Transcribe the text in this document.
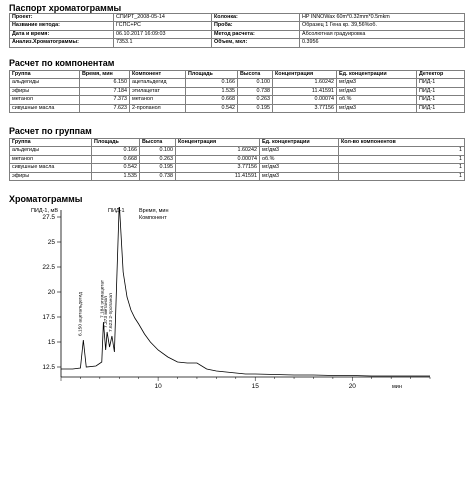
Паспорт хроматограммы
Проект:	СПИРТ_2008-05-14	Колонка:	HP INNOWax 60m*0.32mm*0.5mkm
Название метода:	ГСПС+РС	Проба:	Образец 1 Гена кр. 39,56%об.
Дата и время:	06.10.2017 16:09:03	Метод расчета:	Абсолютная градуировка
Анализ.Хроматограммы:	7353.1	Объем, мкл:	0.3956
Расчет по компонентам
Группа	Время, мин	Компонент	Площадь	Высота	Концентрация	Ед. концентрации	Детектор
альдегиды	6.150	ацетальдегид	0.166	0.100	1.60242	мг/дм3	ПИД-1
эфиры	7.184	этилацетат	1.535	0.738	11.41591	мг/дм3	ПИД-1
метанол	7.373	метанол	0.668	0.263	0.00074	об.%	ПИД-1
сивушные масла	7.623	2-пропанол	0.542	0.195	3.77156	мг/дм3	ПИД-1
Расчет по группам
Группа	Площадь	Высота	Концентрация	Ед. концентрации	Кол-во компонентов
альдегиды	0.166	0.100	1.60242	мг/дм3	1
метанол	0.668	0.263	0.00074	об.%	1
сивушные масла	0.542	0.195	3.77156	мг/дм3	1
эфиры	1.535	0.738	11.41591	мг/дм3	1
Хроматограммы
27.5
25
22.5
20
17.5
15
12.5
10	15	20	мин
ПИД-1, мВ	ПИД-1	Время, мин
Компонент
6.150 ацетальдегид	7.184 этилацетат
7.373 метанол 7.623 2-пропанол
